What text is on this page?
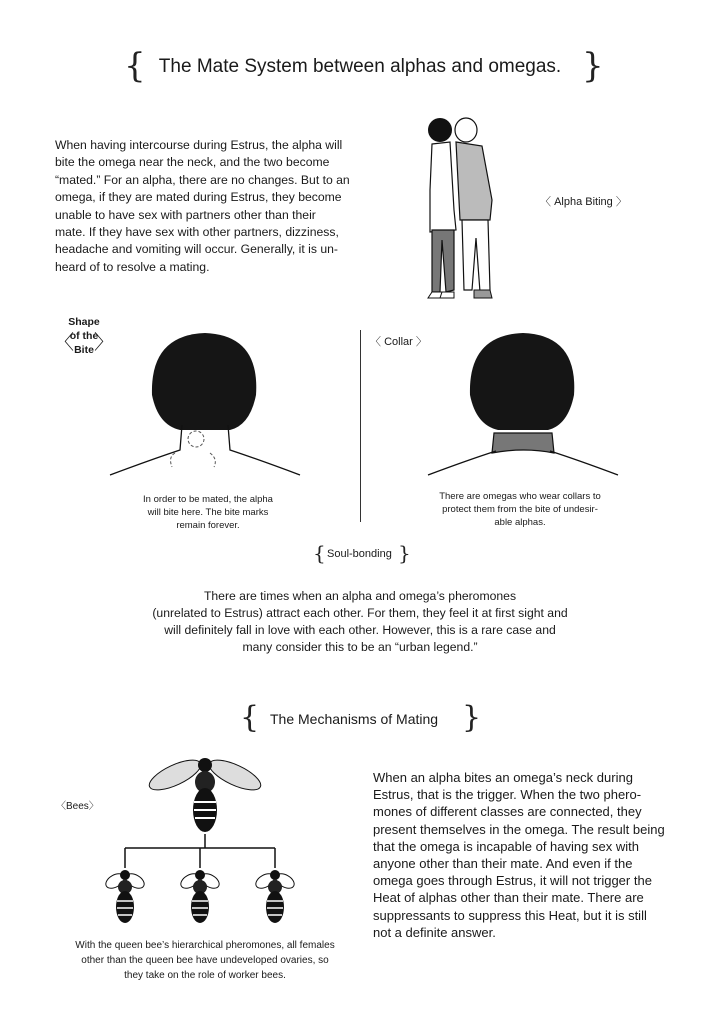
{ The Mate System between alphas and omegas. }
When having intercourse during Estrus, the alpha will
bite the omega near the neck, and the two become
“mated.” For an alpha, there are no changes. But to an
omega, if they are mated during Estrus, they become
unable to have sex with partners other than their
mate. If they have sex with other partners, dizziness,
headache and vomiting will occur. Generally, it is un-
heard of to resolve a mating.
〈 Alpha Biting 〉
Shape
of the
Bite
〈 〉
In order to be mated, the alpha
will bite here. The bite marks
remain forever.
〈 Collar 〉
There are omegas who wear collars to
protect them from the bite of undesir-
able alphas.
{ Soul-bonding }
There are times when an alpha and omega’s pheromones
(unrelated to Estrus) attract each other. For them, they feel it at first sight and
will definitely fall in love with each other. However, this is a rare case and
many consider this to be an “urban legend.”
{ The Mechanisms of Mating }
〈Bees〉
With the queen bee’s hierarchical pheromones, all females
other than the queen bee have undeveloped ovaries, so
they take on the role of worker bees.
When an alpha bites an omega’s neck during
Estrus, that is the trigger. When the two phero-
mones of different classes are connected, they
present themselves in the omega. The result being
that the omega is incapable of having sex with
anyone other than their mate. And even if the
omega goes through Estrus, it will not trigger the
Heat of alphas other than their mate. There are
suppressants to suppress this Heat, but it is still
not a definite answer.
